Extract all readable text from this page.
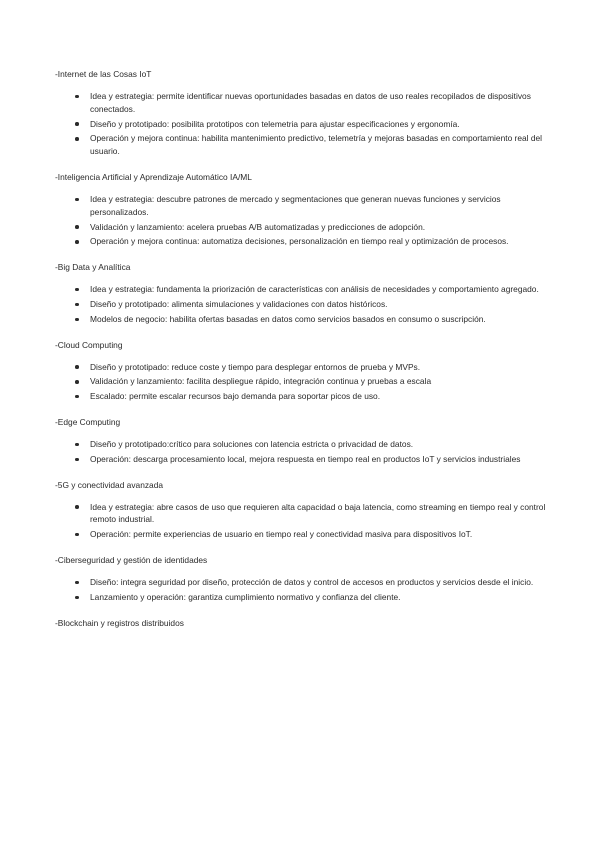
-Internet de las Cosas IoT

Idea y estrategia: permite identificar nuevas oportunidades basadas en datos de uso reales recopilados de dispositivos conectados.
Diseño y prototipado: posibilita prototipos con telemetria para ajustar especificaciones y ergonomía.
Operación y mejora continua: habilita mantenimiento predictivo, telemetría y mejoras basadas en comportamiento real del usuario.

-Inteligencia Artificial y Aprendizaje Automático IA/ML

Idea y estrategia: descubre patrones de mercado y segmentaciones que generan nuevas funciones y servicios personalizados.
Validación y lanzamiento: acelera pruebas A/B automatizadas y predicciones de adopción.
Operación y mejora continua: automatiza decisiones, personalización en tiempo real y optimización de procesos.

-Big Data y Analítica

Idea y estrategia: fundamenta la priorización de características con análisis de necesidades y comportamiento agregado.
Diseño y prototipado: alimenta simulaciones y validaciones con datos históricos.
Modelos de negocio: habilita ofertas basadas en datos como servicios basados en consumo o suscripción.

-Cloud Computing

Diseño y prototipado: reduce coste y tiempo para desplegar entornos de prueba y MVPs.
Validación y lanzamiento: facilita despliegue rápido, integración continua y pruebas a escala
Escalado: permite escalar recursos bajo demanda para soportar picos de uso.

-Edge Computing

Diseño y prototipado:crítico para soluciones con latencia estricta o privacidad de datos.
Operación: descarga procesamiento local, mejora respuesta en tiempo real en productos IoT y servicios industriales

-5G y conectividad avanzada

Idea y estrategia: abre casos de uso que requieren alta capacidad o baja latencia, como streaming en tiempo real y control remoto industrial.
Operación: permite experiencias de usuario en tiempo real y conectividad masiva para dispositivos IoT.

-Ciberseguridad y gestión de identidades

Diseño: integra seguridad por diseño, protección de datos y control de accesos en productos y servicios desde el inicio.
Lanzamiento y operación: garantiza cumplimiento normativo y confianza del cliente.

-Blockchain y registros distribuidos
